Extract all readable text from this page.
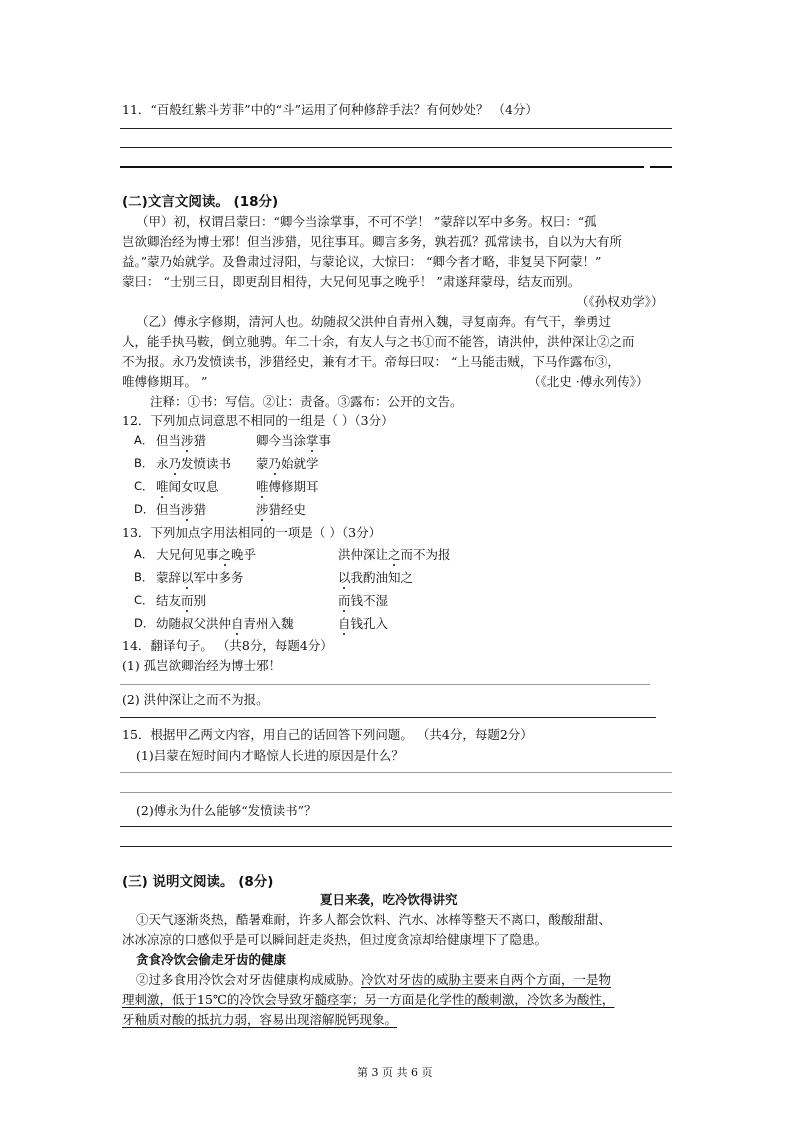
11．“百般红紫斗芳菲”中的“斗”运用了何种修辞手法？有何妙处？ （4分）
(二)文言文阅读。 (18分)
（甲）初，权谓吕蒙曰：“卿今当涂掌事，不可不学！ ”蒙辞以军中多务。权曰：“孤
岂欲卿治经为博士邪！但当涉猎，见往事耳。卿言多务，孰若孤？孤常读书，自以为大有所
益。”蒙乃始就学。及鲁肃过浔阳，与蒙论议，大惊曰： “卿今者才略，非复吴下阿蒙！”
蒙曰： “士别三日，即更刮目相待，大兄何见事之晚乎！ ”肃遂拜蒙母，结友而别。
（《孙权劝学》）
（乙）傅永字修期，清河人也。幼随叔父洪仲自青州入魏，寻复南奔。有气干，拳勇过
人，能手执马鞍，倒立驰骋。年二十余，有友人与之书①而不能答，请洪仲，洪仲深让②之而
不为报。永乃发愤读书，涉猎经史，兼有才干。帝每曰叹： “上马能击贼，下马作露布③，
唯傅修期耳。 ”	（《北史 ·傅永列传》）
注释：①书：写信。②让：责备。③露布：公开的文告。
12．下列加点词意思不相同的一组是（ ）（3分）
A． 但当涉猎	卿今当涂掌事
B． 永乃发愤读书 蒙乃始就学
C． 唯闻女叹息	唯傅修期耳
D． 但当涉猎	涉猎经史
13．下列加点字用法相同的一项是（ ）（3分）
A． 大兄何见事之晚乎	洪仲深让之而不为报
B． 蒙辞以军中多务	以我酌油知之
C． 结友而别	而钱不湿
D． 幼随叔父洪仲自青州入魏	自钱孔入
14．翻译句子。 （共8分，每题4分）
(1) 孤岂欲卿治经为博士邪！
(2) 洪仲深让之而不为报。
15．根据甲乙两文内容，用自己的话回答下列问题。 （共4分，每题2分）
(1)吕蒙在短时间内才略惊人长进的原因是什么？
(2)傅永为什么能够“发愤读书”？
(三) 说明文阅读。 (8分)
夏日来袭，吃冷饮得讲究
①天气逐渐炎热，酷暑难耐，许多人都会饮料、汽水、冰棒等整天不离口，酸酸甜甜、
冰冰凉凉的口感似乎是可以瞬间赶走炎热，但过度贪凉却给健康埋下了隐患。
贪食冷饮会偷走牙齿的健康
②过多食用冷饮会对牙齿健康构成威胁。冷饮对牙齿的威胁主要来自两个方面，一是物
理刺激，低于15℃的冷饮会导致牙髓痉挛；另一方面是化学性的酸刺激，冷饮多为酸性，
牙釉质对酸的抵抗力弱，容易出现溶解脱钙现象。
第 3 页 共 6 页
